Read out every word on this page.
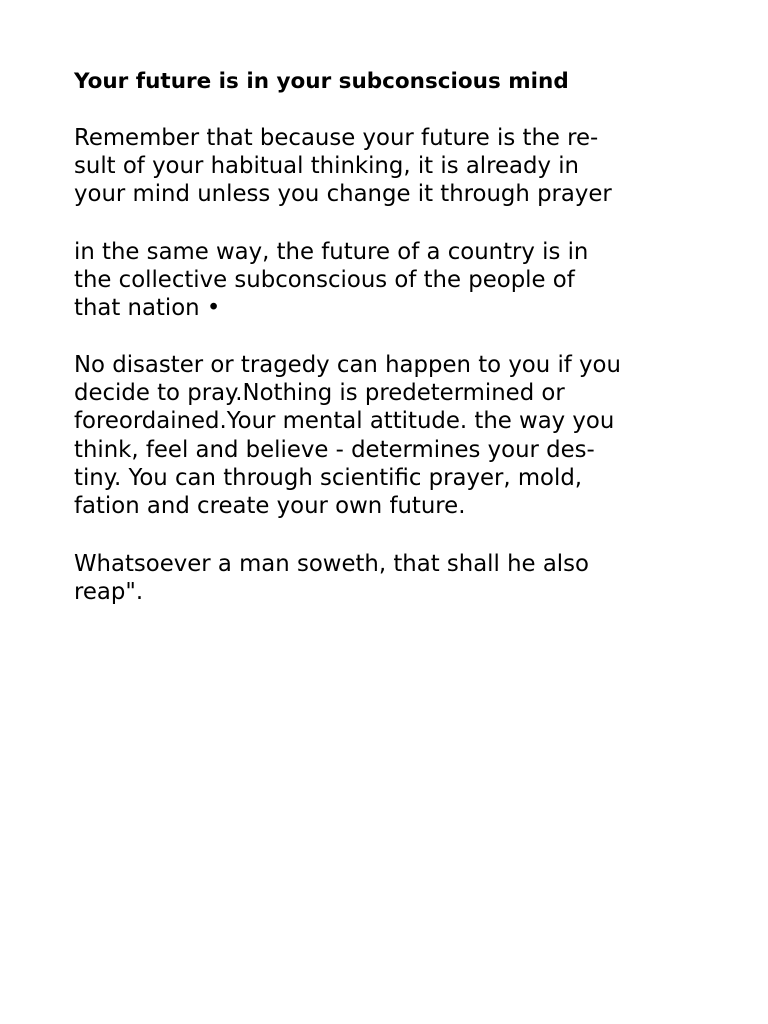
Your future is in your subconscious mind

Remember that because your future is the re-
sult of your habitual thinking, it is already in
your mind unless you change it through prayer

in the same way, the future of a country is in
the collective subconscious of the people of
that nation •

No disaster or tragedy can happen to you if you
decide to pray.Nothing is predetermined or
foreordained.Your mental attitude. the way you
think, feel and believe - determines your des-
tiny. You can through scientific prayer, mold,
fation and create your own future.

Whatsoever a man soweth, that shall he also
reap".
